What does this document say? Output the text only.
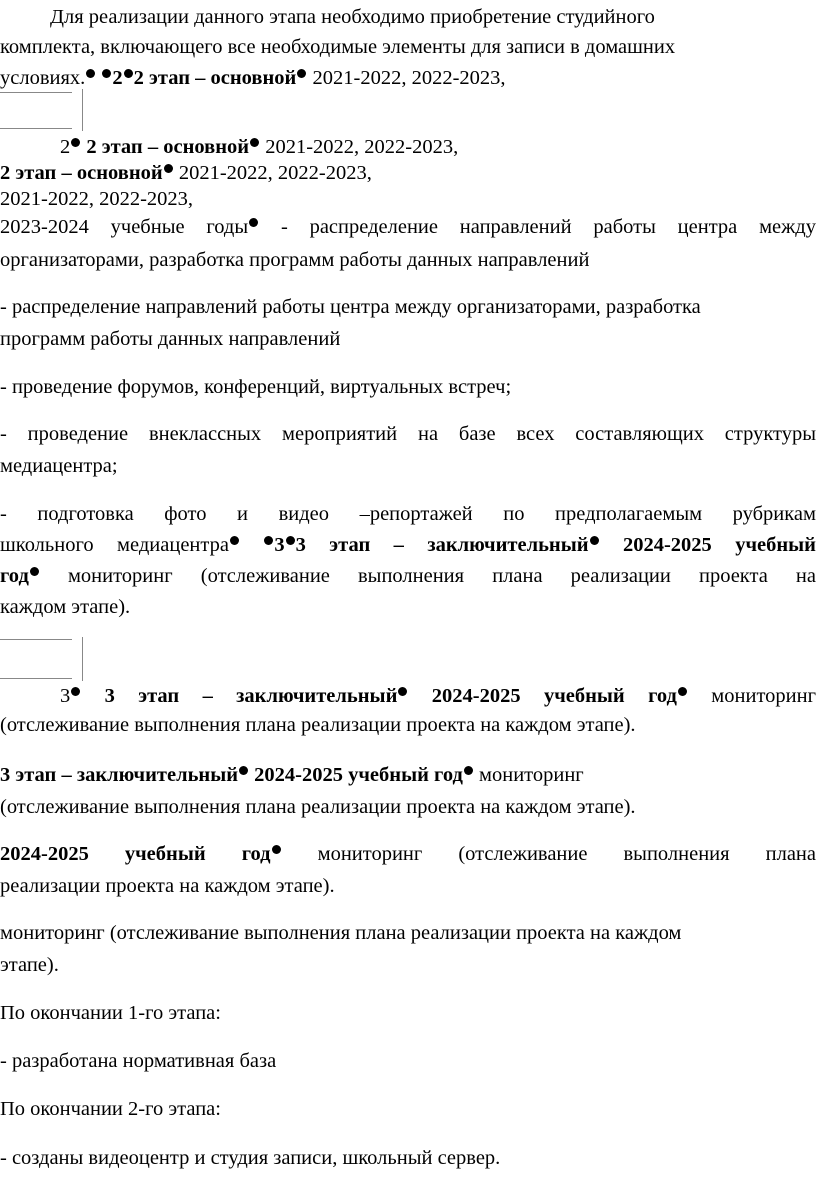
Для реализации данного этапа необходимо приобретение студийного
комплекта, включающего все необходимые элементы для записи в домашних
условиях. 2 2 этап – основной 2021-2022, 2022-2023,
2 2 этап – основной 2021-2022, 2022-2023,
2 этап – основной 2021-2022, 2022-2023,
2021-2022, 2022-2023,
2023-2024 учебные годы - распределение направлений работы центра между
организаторами, разработка программ работы данных направлений
- распределение направлений работы центра между организаторами, разработка
программ работы данных направлений
- проведение форумов, конференций, виртуальных встреч;
- проведение внеклассных мероприятий на базе всех составляющих структуры
медиацентра;
- подготовка фото и видео –репортажей по предполагаемым рубрикам
школьного медиацентра 3 3 этап – заключительный 2024-2025 учебный
год мониторинг (отслеживание выполнения плана реализации проекта на
каждом этапе).
3 3 этап – заключительный 2024-2025 учебный год мониторинг
(отслеживание выполнения плана реализации проекта на каждом этапе).
3 этап – заключительный 2024-2025 учебный год мониторинг
(отслеживание выполнения плана реализации проекта на каждом этапе).
2024-2025 учебный год мониторинг (отслеживание выполнения плана
реализации проекта на каждом этапе).
мониторинг (отслеживание выполнения плана реализации проекта на каждом
этапе).
По окончании 1-го этапа:
- разработана нормативная база
По окончании 2-го этапа:
- созданы видеоцентр и студия записи, школьный сервер.
